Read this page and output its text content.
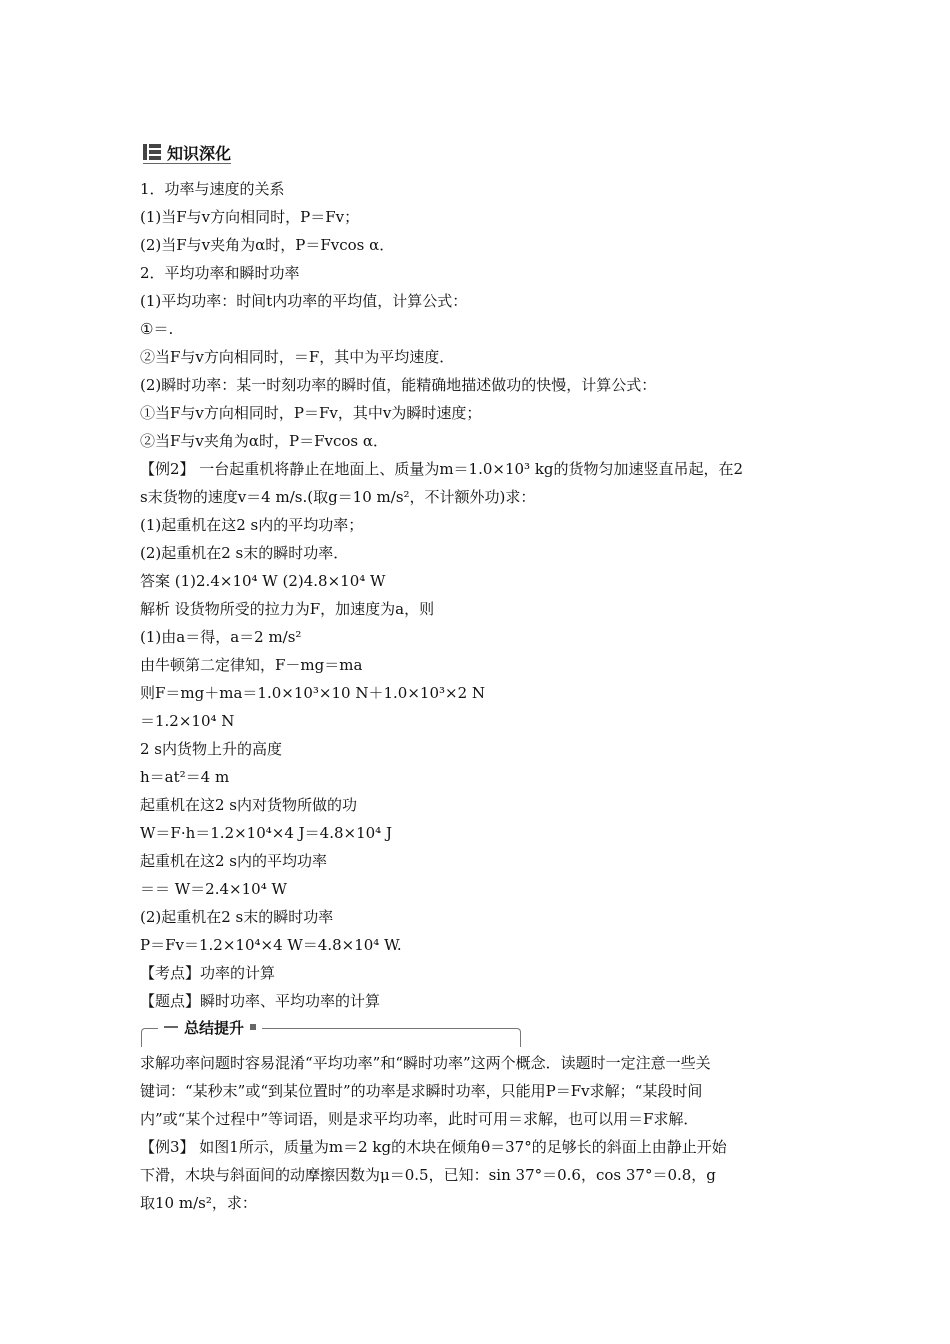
知识深化
1．功率与速度的关系
(1)当F与v方向相同时，P＝Fv；
(2)当F与v夹角为α时，P＝Fvcos α．
2．平均功率和瞬时功率
(1)平均功率：时间t内功率的平均值，计算公式：
①＝.
②当F与v方向相同时，＝F，其中为平均速度．
(2)瞬时功率：某一时刻功率的瞬时值，能精确地描述做功的快慢，计算公式：
①当F与v方向相同时，P＝Fv，其中v为瞬时速度；
②当F与v夹角为α时，P＝Fvcos α．
【例2】 一台起重机将静止在地面上、质量为m＝1.0×10³ kg的货物匀加速竖直吊起，在2
s末货物的速度v＝4 m/s.(取g＝10 m/s²，不计额外功)求：
(1)起重机在这2 s内的平均功率；
(2)起重机在2 s末的瞬时功率．
答案 (1)2.4×10⁴ W (2)4.8×10⁴ W
解析 设货物所受的拉力为F，加速度为a，则
(1)由a＝得，a＝2 m/s²
由牛顿第二定律知，F－mg＝ma
则F＝mg＋ma＝1.0×10³×10 N＋1.0×10³×2 N
＝1.2×10⁴ N
2 s内货物上升的高度
h＝at²＝4 m
起重机在这2 s内对货物所做的功
W＝F·h＝1.2×10⁴×4 J＝4.8×10⁴ J
起重机在这2 s内的平均功率
＝＝ W＝2.4×10⁴ W
(2)起重机在2 s末的瞬时功率
P＝Fv＝1.2×10⁴×4 W＝4.8×10⁴ W.
【考点】功率的计算
【题点】瞬时功率、平均功率的计算
总结提升
求解功率问题时容易混淆“平均功率”和“瞬时功率”这两个概念．读题时一定注意一些关
键词：“某秒末”或“到某位置时”的功率是求瞬时功率，只能用P＝Fv求解；“某段时间
内”或“某个过程中”等词语，则是求平均功率，此时可用＝求解，也可以用＝F求解．
【例3】 如图1所示，质量为m＝2 kg的木块在倾角θ＝37°的足够长的斜面上由静止开始
下滑，木块与斜面间的动摩擦因数为μ＝0.5，已知：sin 37°＝0.6，cos 37°＝0.8，g
取10 m/s²，求：
